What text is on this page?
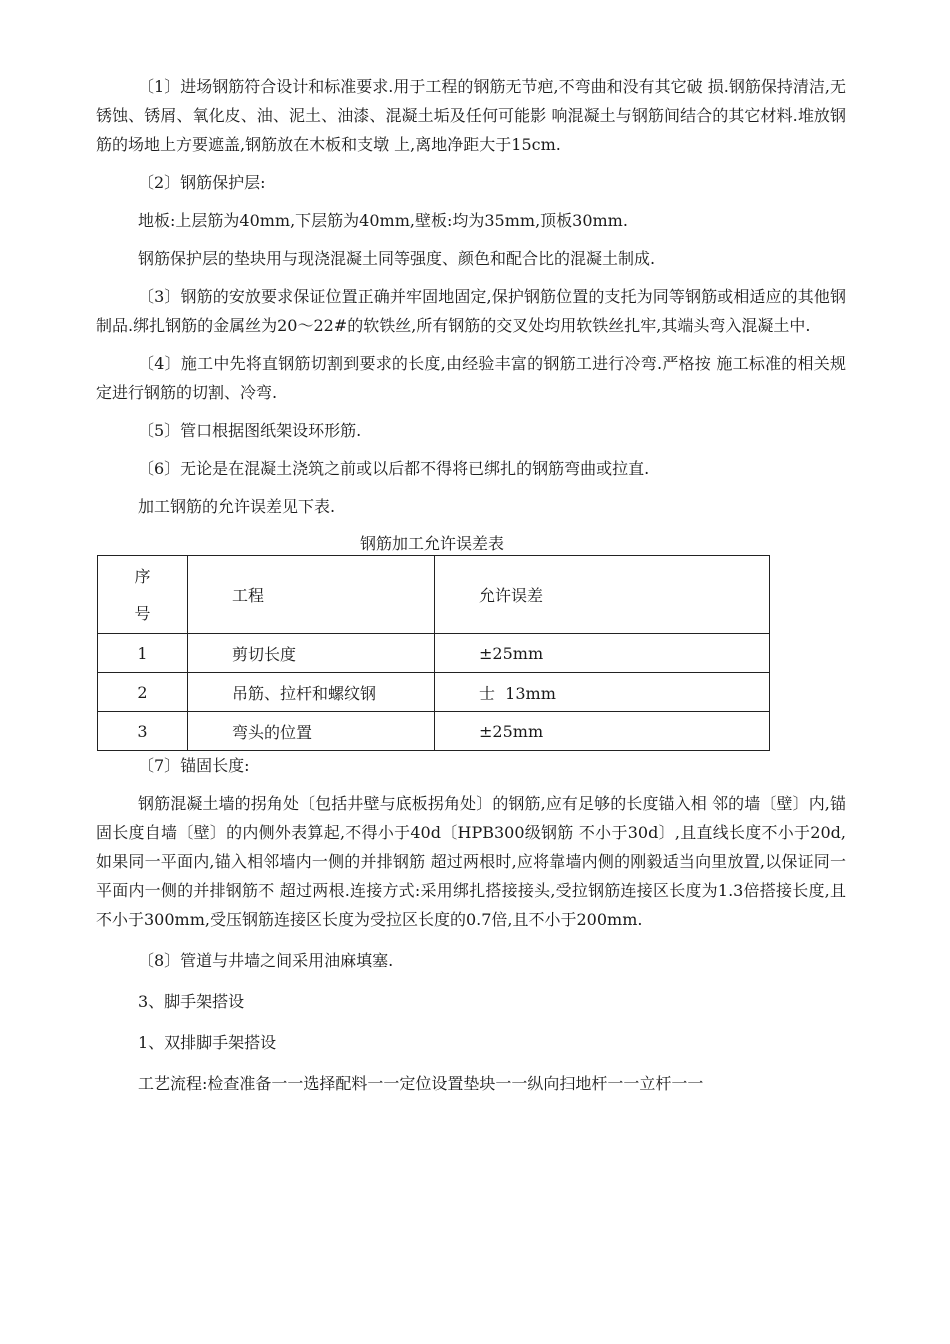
〔1〕进场钢筋符合设计和标准要求.用于工程的钢筋无节疤,不弯曲和没有其它破 损.钢筋保持清洁,无锈蚀、锈屑、氧化皮、油、泥土、油漆、混凝土垢及任何可能影 响混凝土与钢筋间结合的其它材料.堆放钢筋的场地上方要遮盖,钢筋放在木板和支墩 上,离地净距大于15cm.

〔2〕钢筋保护层:

地板:上层筋为40mm,下层筋为40mm,壁板:均为35mm,顶板30mm.

钢筋保护层的垫块用与现浇混凝土同等强度、颜色和配合比的混凝土制成.

〔3〕钢筋的安放要求保证位置正确并牢固地固定,保护钢筋位置的支托为同等钢筋或相适应的其他钢制品.绑扎钢筋的金属丝为20〜22#的软铁丝,所有钢筋的交叉处均用软铁丝扎牢,其端头弯入混凝土中.

〔4〕施工中先将直钢筋切割到要求的长度,由经验丰富的钢筋工进行冷弯.严格按 施工标准的相关规定进行钢筋的切割、冷弯.

〔5〕管口根据图纸架设环形筋.

〔6〕无论是在混凝土浇筑之前或以后都不得将已绑扎的钢筋弯曲或拉直.

加工钢筋的允许误差见下表.

钢筋加工允许误差表
序
号	工程	允许误差
1	剪切长度	±25mm
2	吊筋、拉杆和螺纹钢	士  13mm
3	弯头的位置	±25mm

〔7〕锚固长度:

钢筋混凝土墙的拐角处〔包括井壁与底板拐角处〕的钢筋,应有足够的长度锚入相 邻的墙〔壁〕内,锚固长度自墙〔壁〕的内侧外表算起,不得小于40d〔HPB300级钢筋 不小于30d〕,且直线长度不小于20d,如果同一平面内,锚入相邻墙内一侧的并排钢筋 超过两根时,应将靠墙内侧的刚毅适当向里放置,以保证同一平面内一侧的并排钢筋不 超过两根.连接方式:采用绑扎搭接接头,受拉钢筋连接区长度为1.3倍搭接长度,且 不小于300mm,受压钢筋连接区长度为受拉区长度的0.7倍,且不小于200mm.

〔8〕管道与井墙之间采用油麻填塞.

3、脚手架搭设

1、双排脚手架搭设

工艺流程:检查准备一一选择配料一一定位设置垫块一一纵向扫地杆一一立杆一一
